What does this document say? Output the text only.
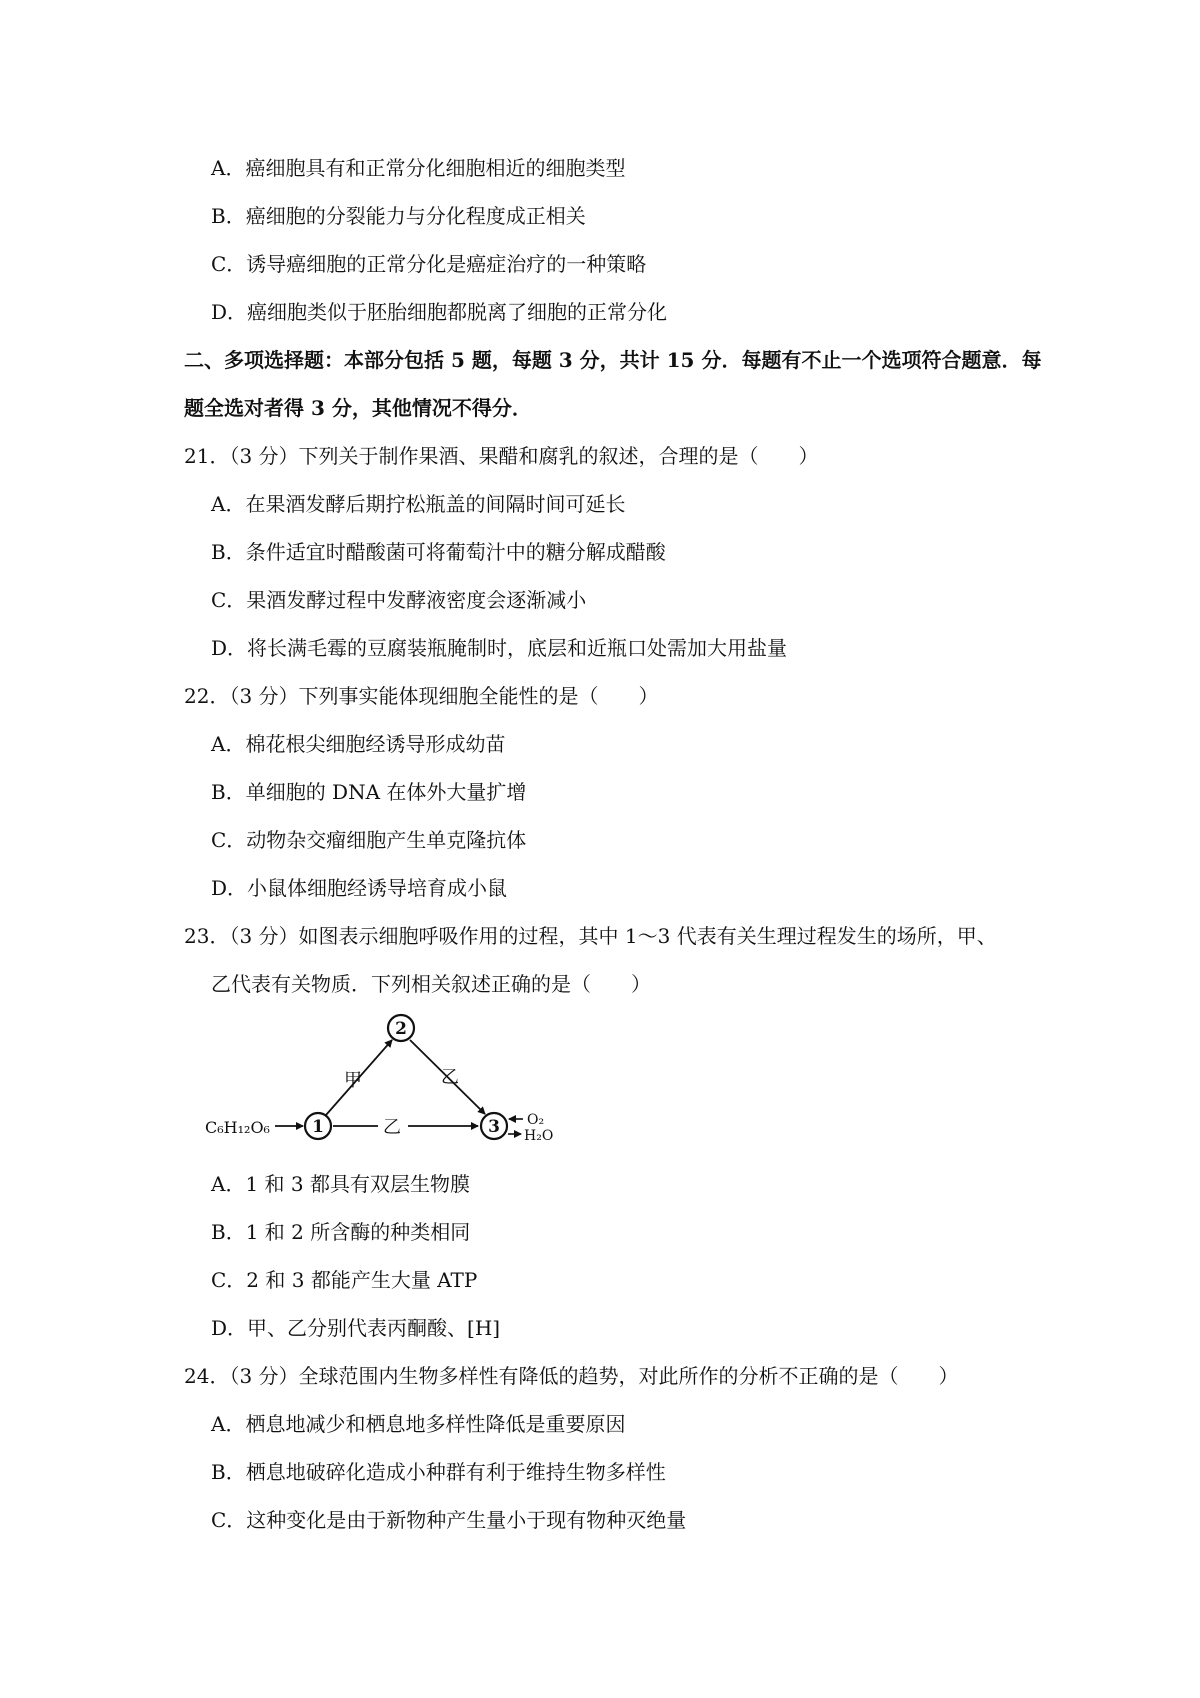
A．癌细胞具有和正常分化细胞相近的细胞类型
B．癌细胞的分裂能力与分化程度成正相关
C．诱导癌细胞的正常分化是癌症治疗的一种策略
D．癌细胞类似于胚胎细胞都脱离了细胞的正常分化
二、多项选择题：本部分包括 5 题，每题 3 分，共计 15 分．每题有不止一个选项符合题意．每
题全选对者得 3 分，其他情况不得分．
21．（3 分）下列关于制作果酒、果醋和腐乳的叙述，合理的是（　　）
A．在果酒发酵后期拧松瓶盖的间隔时间可延长
B．条件适宜时醋酸菌可将葡萄汁中的糖分解成醋酸
C．果酒发酵过程中发酵液密度会逐渐减小
D．将长满毛霉的豆腐装瓶腌制时，底层和近瓶口处需加大用盐量
22．（3 分）下列事实能体现细胞全能性的是（　　）
A．棉花根尖细胞经诱导形成幼苗
B．单细胞的 DNA 在体外大量扩增
C．动物杂交瘤细胞产生单克隆抗体
D．小鼠体细胞经诱导培育成小鼠
23．（3 分）如图表示细胞呼吸作用的过程，其中 1～3 代表有关生理过程发生的场所，甲、
乙代表有关物质．下列相关叙述正确的是（　　）
2
1	3
C₆H₁₂O₆
甲	乙
乙	O₂
H₂O
A．1 和 3 都具有双层生物膜
B．1 和 2 所含酶的种类相同
C．2 和 3 都能产生大量 ATP
D．甲、乙分别代表丙酮酸、[H]
24．（3 分）全球范围内生物多样性有降低的趋势，对此所作的分析不正确的是（　　）
A．栖息地减少和栖息地多样性降低是重要原因
B．栖息地破碎化造成小种群有利于维持生物多样性
C．这种变化是由于新物种产生量小于现有物种灭绝量
